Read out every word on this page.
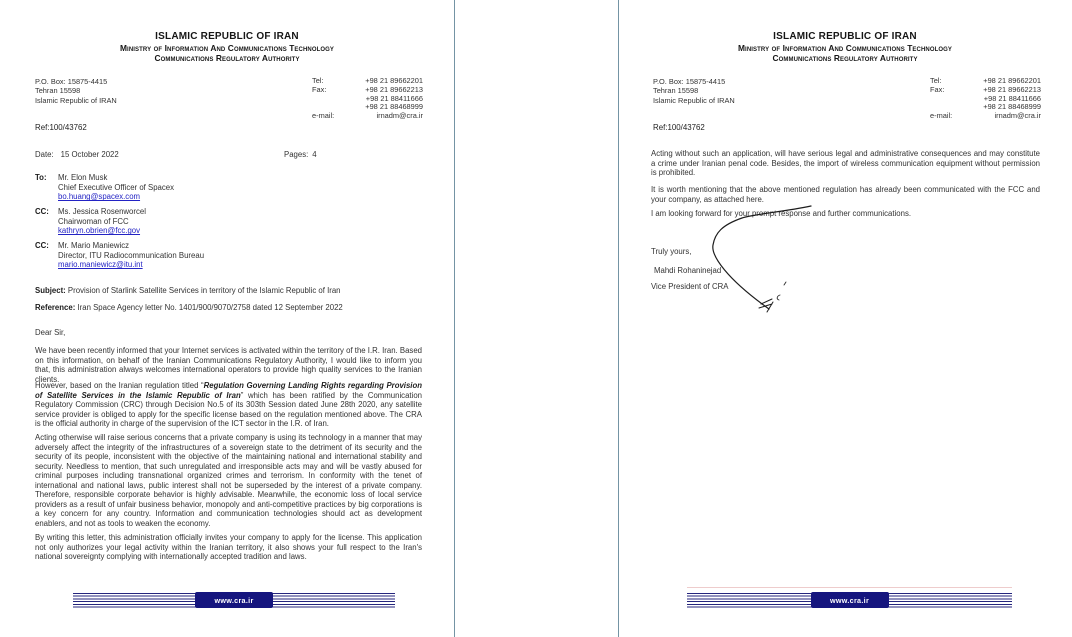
ISLAMIC REPUBLIC OF IRAN
Ministry of Information And Communications Technology
Communications Regulatory Authority
P.O. Box: 15875-4415
Tehran 15598
Islamic Republic of IRAN
Tel:	+98 21 89662201
Fax:	+98 21 89662213
+98 21 88411666
+98 21 88468999
e-mail:	irnadm@cra.ir
Ref:100/43762
Date: 15 October 2022	Pages: 4
To: Mr. Elon Musk
Chief Executive Officer of Spacex
bo.huang@spacex.com
CC: Ms. Jessica Rosenworcel
Chairwoman of FCC
kathryn.obrien@fcc.gov
CC: Mr. Mario Maniewicz
Director, ITU Radiocommunication Bureau
mario.maniewicz@itu.int
Subject: Provision of Starlink Satellite Services in territory of the Islamic Republic of Iran
Reference: Iran Space Agency letter No. 1401/900/9070/2758 dated 12 September 2022
Dear Sir,
We have been recently informed that your Internet services is activated within the territory of the I.R. Iran. Based on this information, on behalf of the Iranian Communications Regulatory Authority, I would like to inform you that, this administration always welcomes international operators to provide high quality services to the Iranian clients.
However, based on the Iranian regulation titled “Regulation Governing Landing Rights regarding Provision of Satellite Services in the Islamic Republic of Iran” which has been ratified by the Communication Regulatory Commission (CRC) through Decision No.5 of its 303th Session dated June 28th 2020, any satellite service provider is obliged to apply for the specific license based on the regulation mentioned above. The CRA is the official authority in charge of the supervision of the ICT sector in the I.R. of Iran.
Acting otherwise will raise serious concerns that a private company is using its technology in a manner that may adversely affect the integrity of the infrastructures of a sovereign state to the detriment of its security and the security of its people, inconsistent with the objective of the maintaining national and international stability and security. Needless to mention, that such unregulated and irresponsible acts may and will be vastly abused for criminal purposes including transnational organized crimes and terrorism. In conformity with the tenet of international and national laws, public interest shall not be superseded by the interest of a private company. Therefore, responsible corporate behavior is highly advisable. Meanwhile, the economic loss of local service providers as a result of unfair business behavior, monopoly and anti-competitive practices by big corporations is a key concern for any country. Information and communication technologies should act as development enablers, and not as tools to weaken the economy.
By writing this letter, this administration officially invites your company to apply for the license. This application not only authorizes your legal activity within the Iranian territory, it also shows your full respect to the Iran's national sovereignty complying with internationally accepted tradition and laws.
www.cra.ir
ISLAMIC REPUBLIC OF IRAN
Ministry of Information And Communications Technology
Communications Regulatory Authority
P.O. Box: 15875-4415
Tehran 15598
Islamic Republic of IRAN
Tel:	+98 21 89662201
Fax:	+98 21 89662213
+98 21 88411666
+98 21 88468999
e-mail:	irnadm@cra.ir
Ref:100/43762
Acting without such an application, will have serious legal and administrative consequences and may constitute a crime under Iranian penal code. Besides, the import of wireless communication equipment without permission is prohibited.
It is worth mentioning that the above mentioned regulation has already been communicated with the FCC and your company, as attached here.
I am looking forward for your prompt response and further communications.
Truly yours,
Mahdi Rohaninejad
Vice President of CRA
www.cra.ir
